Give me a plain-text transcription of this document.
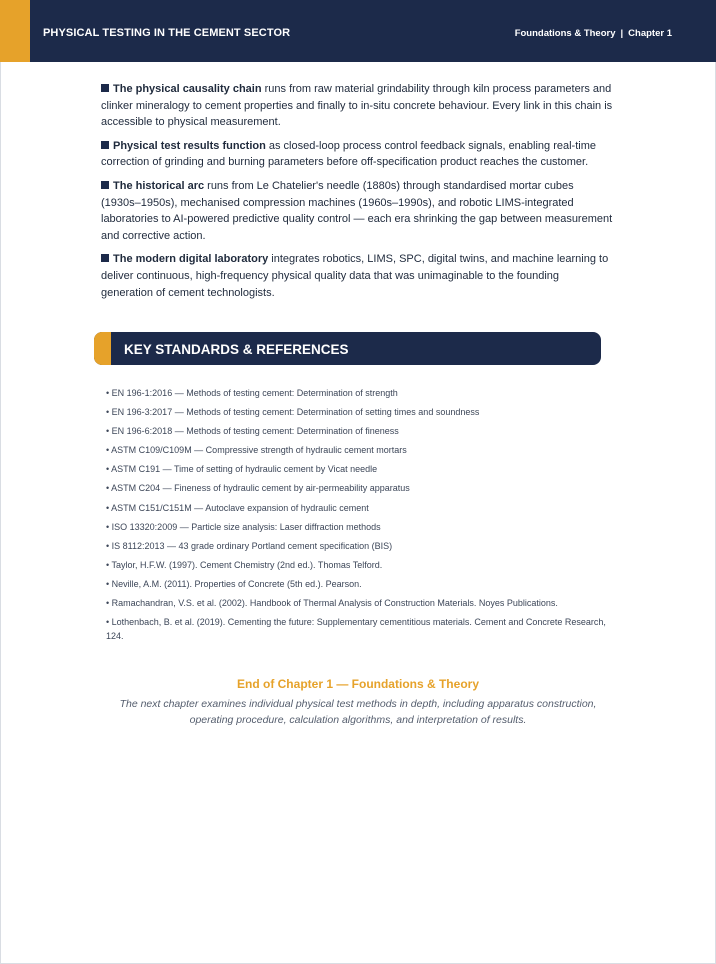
PHYSICAL TESTING IN THE CEMENT SECTOR	Foundations & Theory | Chapter 1

The physical causality chain runs from raw material grindability through kiln process parameters and clinker mineralogy to cement properties and finally to in-situ concrete behaviour. Every link in this chain is accessible to physical measurement.

Physical test results function as closed-loop process control feedback signals, enabling real-time correction of grinding and burning parameters before off-specification product reaches the customer.

The historical arc runs from Le Chatelier's needle (1880s) through standardised mortar cubes (1930s–1950s), mechanised compression machines (1960s–1990s), and robotic LIMS-integrated laboratories to AI-powered predictive quality control — each era shrinking the gap between measurement and corrective action.

The modern digital laboratory integrates robotics, LIMS, SPC, digital twins, and machine learning to deliver continuous, high-frequency physical quality data that was unimaginable to the founding generation of cement technologists.

KEY STANDARDS & REFERENCES
• EN 196-1:2016 — Methods of testing cement: Determination of strength
• EN 196-3:2017 — Methods of testing cement: Determination of setting times and soundness
• EN 196-6:2018 — Methods of testing cement: Determination of fineness
• ASTM C109/C109M — Compressive strength of hydraulic cement mortars
• ASTM C191 — Time of setting of hydraulic cement by Vicat needle
• ASTM C204 — Fineness of hydraulic cement by air-permeability apparatus
• ASTM C151/C151M — Autoclave expansion of hydraulic cement
• ISO 13320:2009 — Particle size analysis: Laser diffraction methods
• IS 8112:2013 — 43 grade ordinary Portland cement specification (BIS)
• Taylor, H.F.W. (1997). Cement Chemistry (2nd ed.). Thomas Telford.
• Neville, A.M. (2011). Properties of Concrete (5th ed.). Pearson.
• Ramachandran, V.S. et al. (2002). Handbook of Thermal Analysis of Construction Materials. Noyes Publications.
• Lothenbach, B. et al. (2019). Cementing the future: Supplementary cementitious materials. Cement and Concrete Research, 124.
End of Chapter 1 — Foundations & Theory
The next chapter examines individual physical test methods in depth, including apparatus construction, operating procedure, calculation algorithms, and interpretation of results.
